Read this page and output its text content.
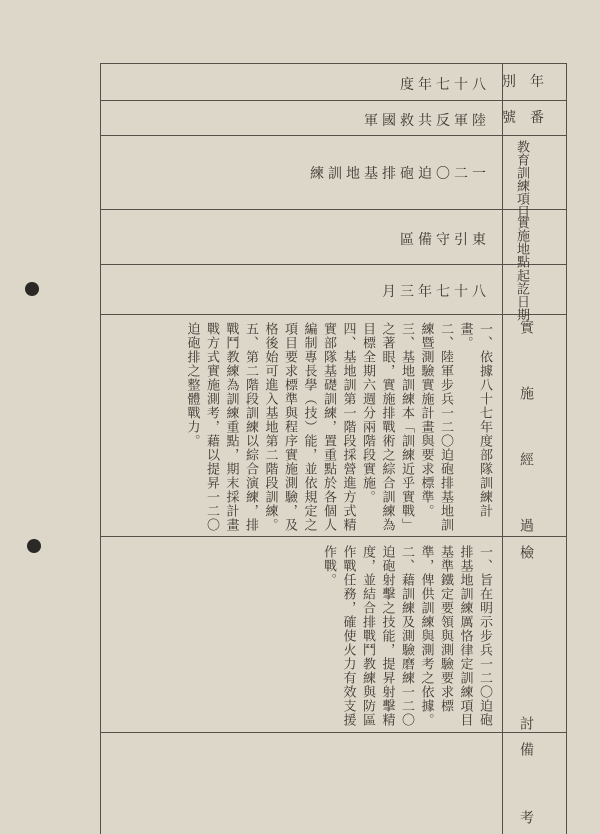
年別
番號
教育訓練項目
實施地點
起訖日期
實施經過
檢討
備考
八十七年度
陸軍反共救國軍
一二〇迫砲排基地訓練
東引守備區
八十七年三月

一、依據八十七年度部隊訓練計畫。

二、陸軍步兵一二〇迫砲排基地訓練暨測驗實施計畫與要求標準。

三、基地訓練本「訓練近乎實戰」之著眼，實施排戰術之綜合訓練為目標全期六週分兩階段實施。

四、基地訓第一階段採營進方式精實部隊基礎訓練，置重點於各個人編制專長學（技）能，並依規定之項目要求標準與程序實施測驗，及格後始可進入基地第二階段訓練。

五、第二階段訓練以綜合演練，排戰鬥教練為訓練重點，期末採計畫戰方式實施測考，藉以提昇一二〇迫砲排之整體戰力。

一、旨在明示步兵一二〇迫砲排基地訓練厲恪律定訓練項目基準鐵定要領與測驗要求標準，俾供訓練與測考之依據。

二、藉訓練及測驗磨練一二〇迫砲射擊之技能，提昇射擊精度，並結合排戰鬥教練與防區作戰任務，確使火力有效支援作戰。
